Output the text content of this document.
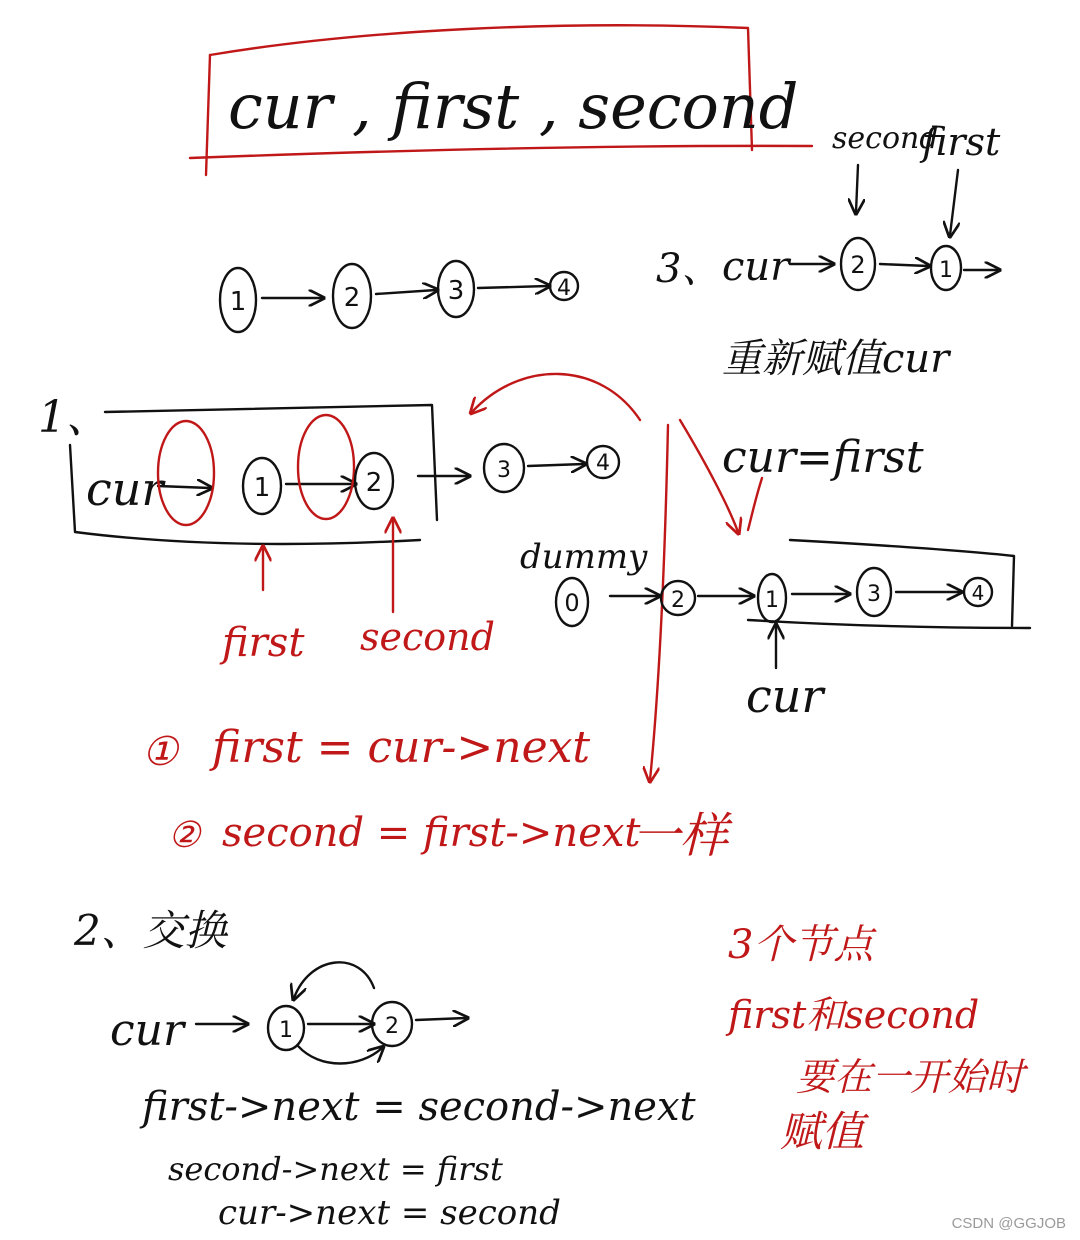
cur , first , second
1	2	3	4
second
first
3、 cur	2	1
重新赋值cur
cur=first
1、
cur	1	2	3	4
first second
① first = cur->next
② second = first->next
一样
dummy
0	2	1	3	4
cur
2、交换
cur	1	2
first->next = second->next
second->next = first
cur->next = second
3个节点
first和second
要在一开始时
赋值
CSDN @GGJOB
